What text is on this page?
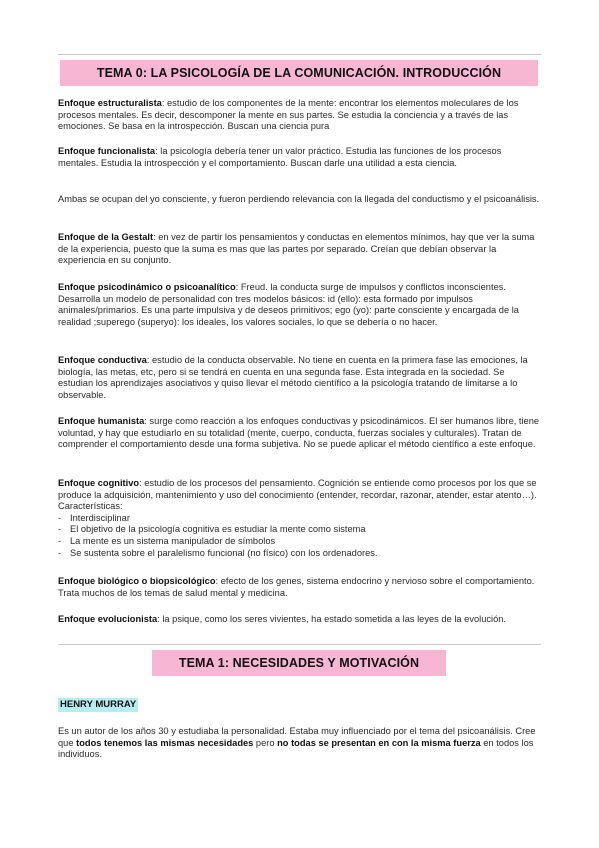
TEMA 0: LA PSICOLOGÍA DE LA COMUNICACIÓN. INTRODUCCIÓN

Enfoque estructuralista: estudio de los componentes de la mente: encontrar los elementos moleculares de los procesos mentales. Es decir, descomponer la mente en sus partes. Se estudia la conciencia y a través de las emociones. Se basa en la introspección. Buscan una ciencia pura

Enfoque funcionalista: la psicología debería tener un valor práctico. Estudia las funciones de los procesos mentales. Estudia la introspección y el comportamiento. Buscan darle una utilidad a esta ciencia.

Ambas se ocupan del yo consciente, y fueron perdiendo relevancia con la llegada del conductismo y el psicoanálisis.

Enfoque de la Gestalt: en vez de partir los pensamientos y conductas en elementos mínimos, hay que ver la suma de la experiencia, puesto que la suma es mas que las partes por separado. Creían que debían observar la experiencia en su conjunto.

Enfoque psicodinámico o psicoanalítico: Freud. la conducta surge de impulsos y conflictos inconscientes. Desarrolla un modelo de personalidad con tres modelos básicos: id (ello): esta formado por impulsos animales/primarios. Es una parte impulsiva y de deseos primitivos; ego (yo): parte consciente y encargada de la realidad ;superego (superyo): los ideales, los valores sociales, lo que se debería o no hacer.

Enfoque conductiva: estudio de la conducta observable. No tiene en cuenta en la primera fase las emociones, la biología, las metas, etc, pero si se tendrá en cuenta en una segunda fase. Esta integrada en la sociedad. Se estudian los aprendizajes asociativos y quiso llevar el método científico a la psicología tratando de limitarse a lo observable.

Enfoque humanista: surge como reacción a los enfoques conductivas y psicodinámicos. El ser humanos libre, tiene voluntad, y hay que estudiarlo en su totalidad (mente, cuerpo, conducta, fuerzas sociales y culturales). Tratan de comprender el comportamiento desde una forma subjetiva. No se puede aplicar el método científico a este enfoque.

Enfoque cognitivo: estudio de los procesos del pensamiento. Cognición se entiende como procesos por los que se produce la adquisición, mantenimiento y uso del conocimiento (entender, recordar, razonar, atender, estar atento…). Características:
- Interdisciplinar
- El objetivo de la psicología cognitiva es estudiar la mente como sistema
- La mente es un sistema manipulador de símbolos
- Se sustenta sobre el paralelismo funcional (no físico) con los ordenadores.

Enfoque biológico o biopsicológico: efecto de los genes, sistema endocrino y nervioso sobre el comportamiento. Trata muchos de los temas de salud mental y medicina.

Enfoque evolucionista: la psique, como los seres vivientes, ha estado sometida a las leyes de la evolución.

TEMA 1: NECESIDADES Y MOTIVACIÓN
HENRY MURRAY

Es un autor de los años 30 y estudiaba la personalidad. Estaba muy influenciado por el tema del psicoanálisis. Cree que todos tenemos las mismas necesidades pero no todas se presentan en con la misma fuerza en todos los individuos.
